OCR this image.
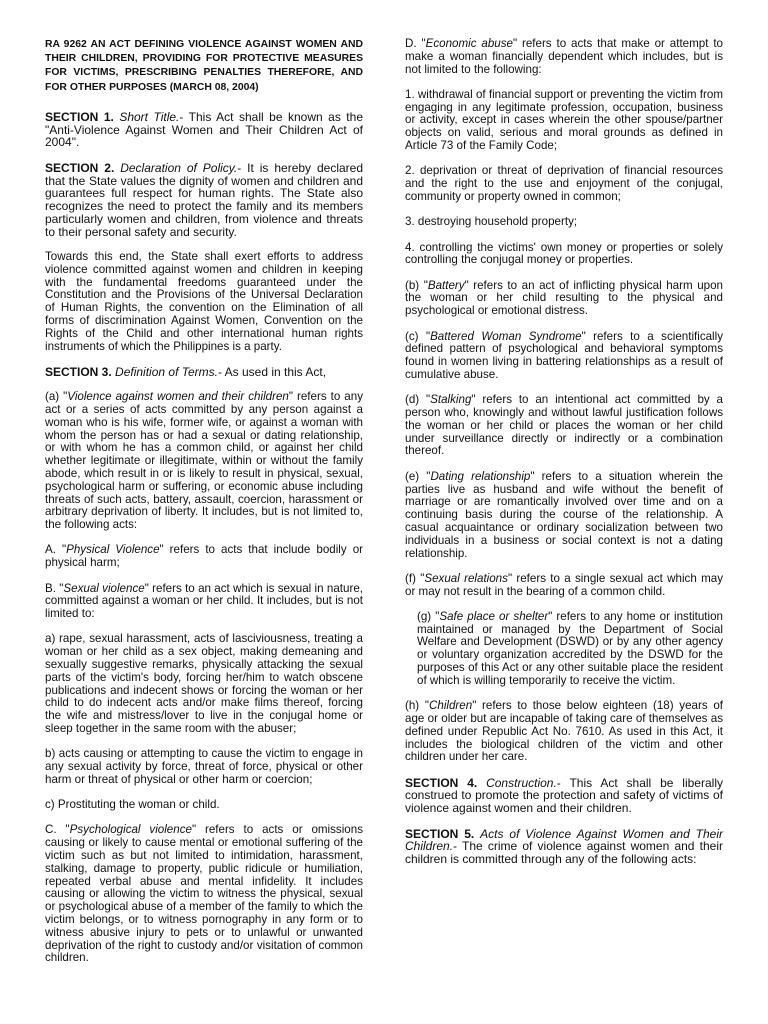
RA 9262 AN ACT DEFINING VIOLENCE AGAINST WOMEN AND THEIR CHILDREN, PROVIDING FOR PROTECTIVE MEASURES FOR VICTIMS, PRESCRIBING PENALTIES THEREFORE, AND FOR OTHER PURPOSES (MARCH 08, 2004)

SECTION 1. Short Title.- This Act shall be known as the "Anti-Violence Against Women and Their Children Act of 2004".

SECTION 2. Declaration of Policy.- It is hereby declared that the State values the dignity of women and children and guarantees full respect for human rights. The State also recognizes the need to protect the family and its members particularly women and children, from violence and threats to their personal safety and security.

Towards this end, the State shall exert efforts to address violence committed against women and children in keeping with the fundamental freedoms guaranteed under the Constitution and the Provisions of the Universal Declaration of Human Rights, the convention on the Elimination of all forms of discrimination Against Women, Convention on the Rights of the Child and other international human rights instruments of which the Philippines is a party.

SECTION 3. Definition of Terms.- As used in this Act,

(a) "Violence against women and their children" refers to any act or a series of acts committed by any person against a woman who is his wife, former wife, or against a woman with whom the person has or had a sexual or dating relationship, or with whom he has a common child, or against her child whether legitimate or illegitimate, within or without the family abode, which result in or is likely to result in physical, sexual, psychological harm or suffering, or economic abuse including threats of such acts, battery, assault, coercion, harassment or arbitrary deprivation of liberty. It includes, but is not limited to, the following acts:

A. "Physical Violence" refers to acts that include bodily or physical harm;

B. "Sexual violence" refers to an act which is sexual in nature, committed against a woman or her child. It includes, but is not limited to:

a) rape, sexual harassment, acts of lasciviousness, treating a woman or her child as a sex object, making demeaning and sexually suggestive remarks, physically attacking the sexual parts of the victim's body, forcing her/him to watch obscene publications and indecent shows or forcing the woman or her child to do indecent acts and/or make films thereof, forcing the wife and mistress/lover to live in the conjugal home or sleep together in the same room with the abuser;

b) acts causing or attempting to cause the victim to engage in any sexual activity by force, threat of force, physical or other harm or threat of physical or other harm or coercion;

c) Prostituting the woman or child.

C. "Psychological violence" refers to acts or omissions causing or likely to cause mental or emotional suffering of the victim such as but not limited to intimidation, harassment, stalking, damage to property, public ridicule or humiliation, repeated verbal abuse and mental infidelity. It includes causing or allowing the victim to witness the physical, sexual or psychological abuse of a member of the family to which the victim belongs, or to witness pornography in any form or to witness abusive injury to pets or to unlawful or unwanted deprivation of the right to custody and/or visitation of common children.

D. "Economic abuse" refers to acts that make or attempt to make a woman financially dependent which includes, but is not limited to the following:

1. withdrawal of financial support or preventing the victim from engaging in any legitimate profession, occupation, business or activity, except in cases wherein the other spouse/partner objects on valid, serious and moral grounds as defined in Article 73 of the Family Code;

2. deprivation or threat of deprivation of financial resources and the right to the use and enjoyment of the conjugal, community or property owned in common;

3. destroying household property;

4. controlling the victims' own money or properties or solely controlling the conjugal money or properties.

(b) "Battery" refers to an act of inflicting physical harm upon the woman or her child resulting to the physical and psychological or emotional distress.

(c) "Battered Woman Syndrome" refers to a scientifically defined pattern of psychological and behavioral symptoms found in women living in battering relationships as a result of cumulative abuse.

(d) "Stalking" refers to an intentional act committed by a person who, knowingly and without lawful justification follows the woman or her child or places the woman or her child under surveillance directly or indirectly or a combination thereof.

(e) "Dating relationship" refers to a situation wherein the parties live as husband and wife without the benefit of marriage or are romantically involved over time and on a continuing basis during the course of the relationship. A casual acquaintance or ordinary socialization between two individuals in a business or social context is not a dating relationship.

(f) "Sexual relations" refers to a single sexual act which may or may not result in the bearing of a common child.

(g) "Safe place or shelter" refers to any home or institution maintained or managed by the Department of Social Welfare and Development (DSWD) or by any other agency or voluntary organization accredited by the DSWD for the purposes of this Act or any other suitable place the resident of which is willing temporarily to receive the victim.

(h) "Children" refers to those below eighteen (18) years of age or older but are incapable of taking care of themselves as defined under Republic Act No. 7610. As used in this Act, it includes the biological children of the victim and other children under her care.

SECTION 4. Construction.- This Act shall be liberally construed to promote the protection and safety of victims of violence against women and their children.

SECTION 5. Acts of Violence Against Women and Their Children.- The crime of violence against women and their children is committed through any of the following acts:
